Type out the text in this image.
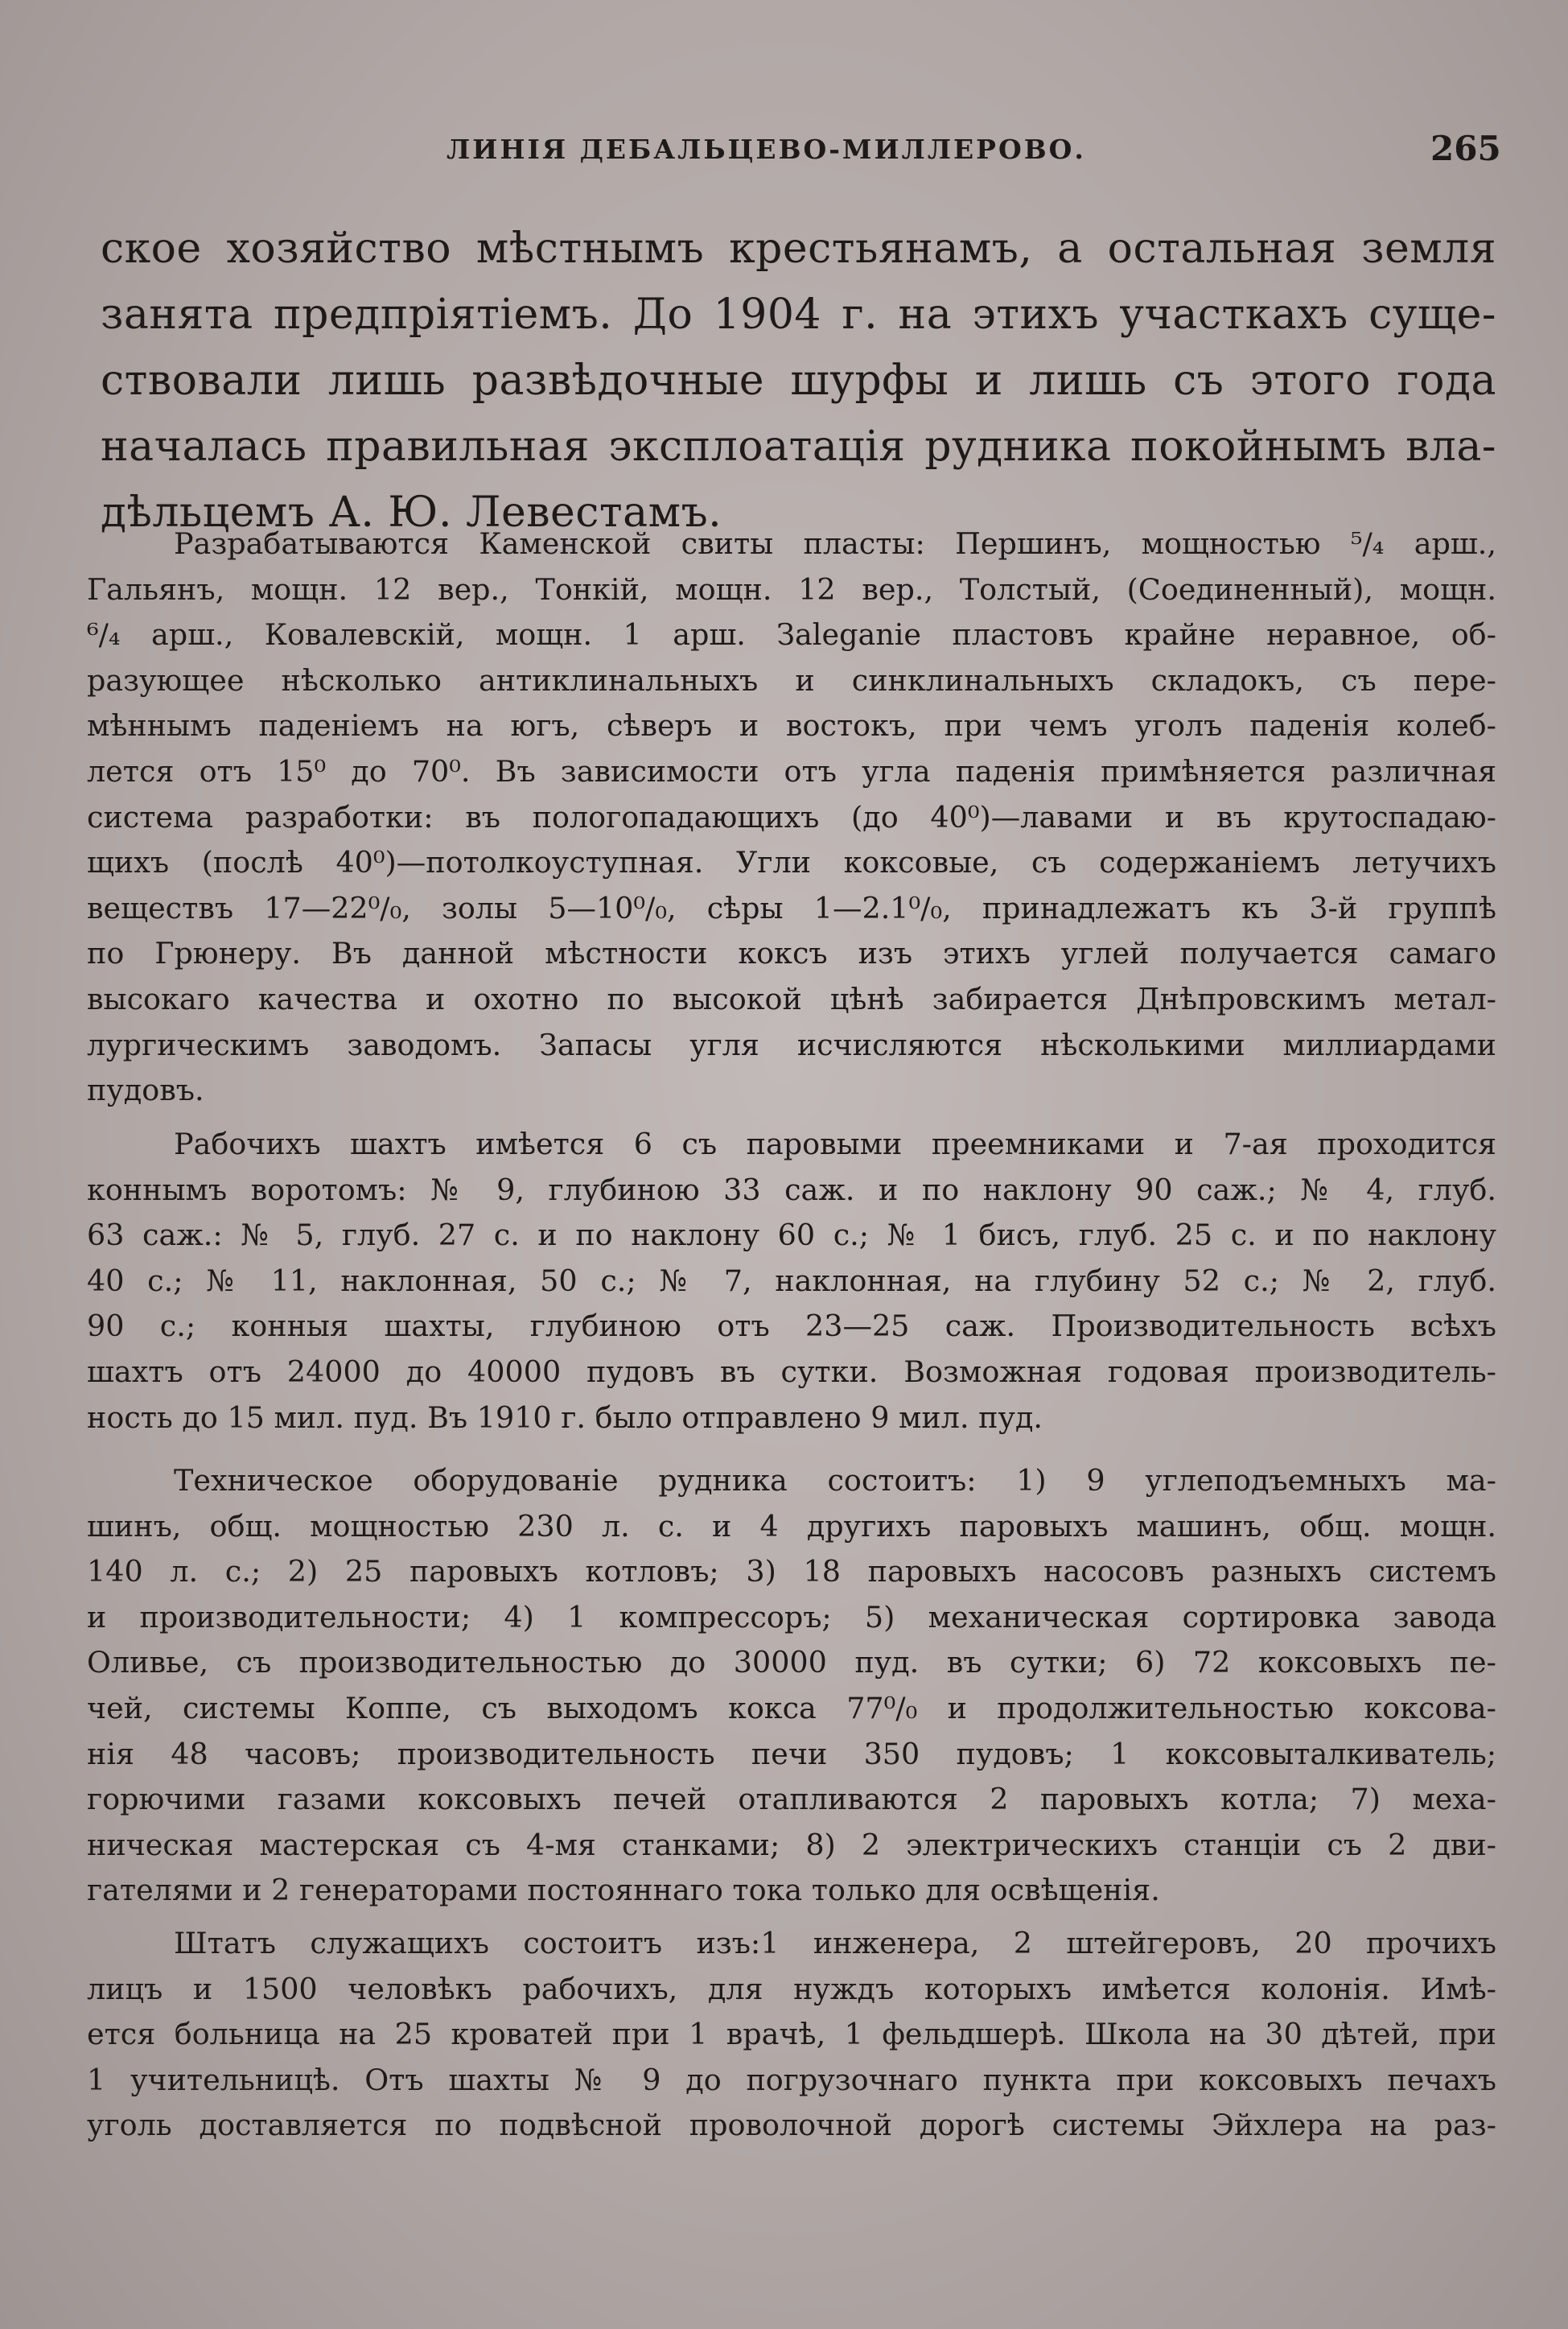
ЛИНІЯ ДЕБАЛЬЦЕВО-МИЛЛЕРОВО.	265
ское хозяйство мѣстнымъ крестьянамъ, а остальная земля
занята предпріятіемъ. До 1904 г. на этихъ участкахъ суще-
ствовали лишь развѣдочные шурфы и лишь съ этого года
началась правильная эксплоатація рудника покойнымъ вла-
дѣльцемъ А. Ю. Левестамъ.
Разрабатываются Каменской свиты пласты: Першинъ, мощностью ⁵/₄ арш.,
Гальянъ, мощн. 12 вер., Тонкій, мощн. 12 вер., Толстый, (Соединенный), мощн.
⁶/₄ арш., Ковалевскій, мощн. 1 арш. Заleganie пластовъ крайне неравное, об-
разующее нѣсколько антиклинальныхъ и синклинальныхъ складокъ, съ пере-
мѣннымъ паденіемъ на югъ, сѣверъ и востокъ, при чемъ уголъ паденія колеб-
лется отъ 15⁰ до 70⁰. Въ зависимости отъ угла паденія примѣняется различная
система разработки: въ пологопадающихъ (до 40⁰)—лавами и въ крутоспадаю-
щихъ (послѣ 40⁰)—потолкоуступная. Угли коксовые, съ содержаніемъ летучихъ
веществъ 17—22⁰/₀, золы 5—10⁰/₀, сѣры 1—2.1⁰/₀, принадлежатъ къ 3-й группѣ
по Грюнеру. Въ данной мѣстности коксъ изъ этихъ углей получается самаго
высокаго качества и охотно по высокой цѣнѣ забирается Днѣпровскимъ метал-
лургическимъ заводомъ. Запасы угля исчисляются нѣсколькими миллиардами
пудовъ.
Рабочихъ шахтъ имѣется 6 съ паровыми преемниками и 7-ая проходится
коннымъ воротомъ: № 9, глубиною 33 саж. и по наклону 90 саж.; № 4, глуб.
63 саж.: № 5, глуб. 27 с. и по наклону 60 с.; № 1 бисъ, глуб. 25 с. и по наклону
40 с.; № 11, наклонная, 50 с.; № 7, наклонная, на глубину 52 с.; № 2, глуб.
90 с.; конныя шахты, глубиною отъ 23—25 саж. Производительность всѣхъ
шахтъ отъ 24000 до 40000 пудовъ въ сутки. Возможная годовая производитель-
ность до 15 мил. пуд. Въ 1910 г. было отправлено 9 мил. пуд.
Техническое оборудованіе рудника состоитъ: 1) 9 углеподъемныхъ ма-
шинъ, общ. мощностью 230 л. с. и 4 другихъ паровыхъ машинъ, общ. мощн.
140 л. с.; 2) 25 паровыхъ котловъ; 3) 18 паровыхъ насосовъ разныхъ системъ
и производительности; 4) 1 компрессоръ; 5) механическая сортировка завода
Оливье, съ производительностью до 30000 пуд. въ сутки; 6) 72 коксовыхъ пе-
чей, системы Коппе, съ выходомъ кокса 77⁰/₀ и продолжительностью коксова-
нія 48 часовъ; производительность печи 350 пудовъ; 1 коксовыталкиватель;
горючими газами коксовыхъ печей отапливаются 2 паровыхъ котла; 7) меха-
ническая мастерская съ 4-мя станками; 8) 2 электрическихъ станціи съ 2 дви-
гателями и 2 генераторами постояннаго тока только для освѣщенія.
Штатъ служащихъ состоитъ изъ:1 инженера, 2 штейгеровъ, 20 прочихъ
лицъ и 1500 человѣкъ рабочихъ, для нуждъ которыхъ имѣется колонія. Имѣ-
ется больница на 25 кроватей при 1 врачѣ, 1 фельдшерѣ. Школа на 30 дѣтей, при
1 учительницѣ. Отъ шахты № 9 до погрузочнаго пункта при коксовыхъ печахъ
уголь доставляется по подвѣсной проволочной дорогѣ системы Эйхлера на раз-
